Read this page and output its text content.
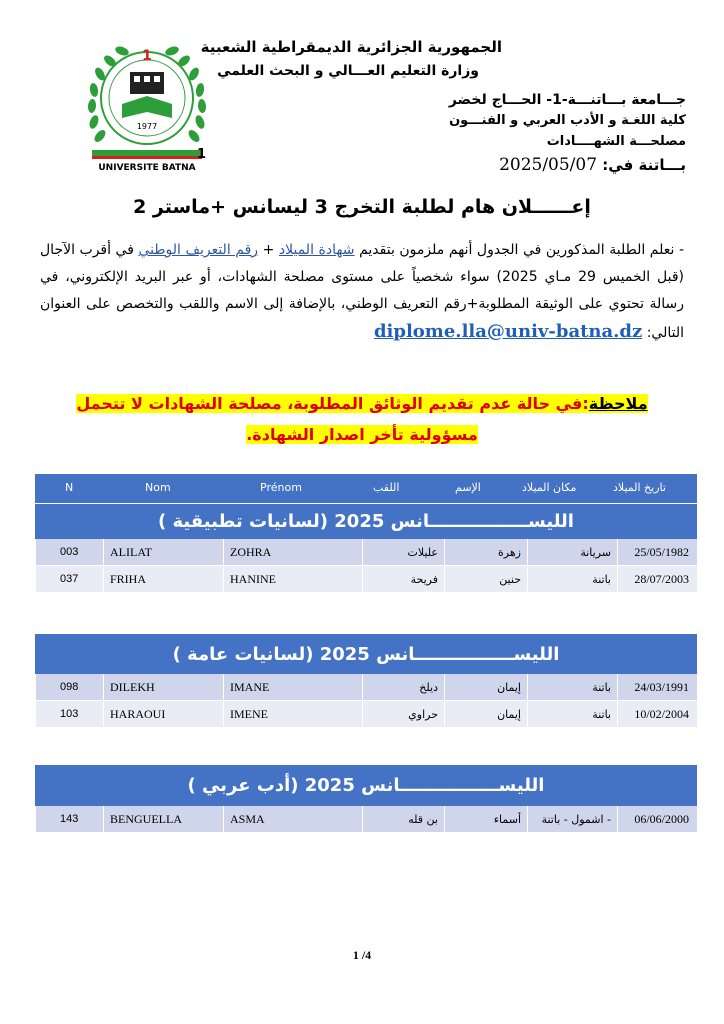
1
1977
UNIVERSITE BATNA
1
الجمهورية الجزائرية الديمقراطية الشعبية
وزارة التعليم العـــالي و البحث العلمي
جـــامعة بـــاتنـــة-1- الحـــاج لخضر
كلية اللغـة و الأدب العربي و الفنـــون
مصلحـــة الشهــــادات
بـــاتنة في: 2025/05/07
إعــــــلان هام لطلبة التخرج 3 ليسانس +ماستر 2
- نعلم الطلبة المذكورين في الجدول أنهم ملزمون بتقديم شهادة الميلاد + رقم التعريف الوطني في أقرب الآجال (قبل الخميس 29 مـاي 2025) سواء شخصياً على مستوى مصلحة الشهادات، أو عبر البريد الإلكتروني، في رسالة تحتوي على الوثيقة المطلوبة+رقم التعريف الوطني، بالإضافة إلى الاسم واللقب والتخصص على العنوان التالي: diplome.lla@univ-batna.dz
ملاحظة:في حالة عدم تقديم الوثائق المطلوبة، مصلحة الشهادات لا تتحمل مسؤولية تأخر اصدار الشهادة.
N	Nom	Prénom	اللقب	الإسم	مكان الميلاد	تاريخ الميلاد
الليســــــــــــــــانس 2025 (لسانيات تطبيقية )
003	ALILAT	ZOHRA	عليلات	زهرة	سريانة	25/05/1982
037	FRIHA	HANINE	فريحة	حنين	باتنة	28/07/2003
الليســــــــــــــــانس 2025 (لسانيات عامة )
098	DILEKH	IMANE	ديلخ	إيمان	باتنة	24/03/1991
103	HARAOUI	IMENE	حراوي	إيمان	باتنة	10/02/2004
الليســــــــــــــــانس 2025 (أدب عربي )
143	BENGUELLA	ASMA	بن قله	أسماء	اشمول - باتنة -	06/06/2000
1 /4
